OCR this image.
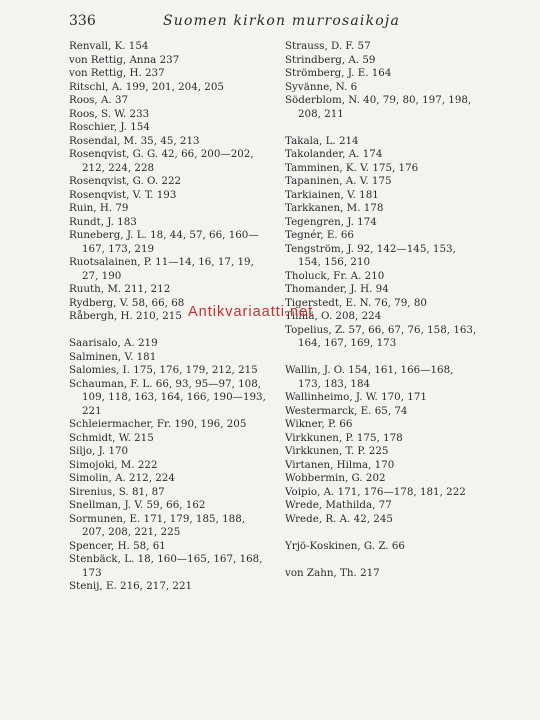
336	Suomen kirkon murrosaikoja
Renvall, K. 154
von Rettig, Anna 237
von Rettig, H. 237
Ritschl, A. 199, 201, 204, 205
Roos, A. 37
Roos, S. W. 233
Roschier, J. 154
Rosendal, M. 35, 45, 213
Rosenqvist, G. G. 42, 66, 200—202,
212, 224, 228
Rosenqvist, G. O. 222
Rosenqvist, V. T. 193
Ruin, H. 79
Rundt, J. 183
Runeberg, J. L. 18, 44, 57, 66, 160—
167, 173, 219
Ruotsalainen, P. 11—14, 16, 17, 19,
27, 190
Ruuth, M. 211, 212
Rydberg, V. 58, 66, 68
Råbergh, H. 210, 215
Saarisalo, A. 219
Salminen, V. 181
Salomies, I. 175, 176, 179, 212, 215
Schauman, F. L. 66, 93, 95—97, 108,
109, 118, 163, 164, 166, 190—193,
221
Schleiermacher, Fr. 190, 196, 205
Schmidt, W. 215
Siljo, J. 170
Simojoki, M. 222
Simolin, A. 212, 224
Sirenius, S. 81, 87
Snellman, J. V. 59, 66, 162
Sormunen, E. 171, 179, 185, 188,
207, 208, 221, 225
Spencer, H. 58, 61
Stenbäck, L. 18, 160—165, 167, 168,
173
Stenij, E. 216, 217, 221
Strauss, D. F. 57
Strindberg, A. 59
Strömberg, J. E. 164
Syvänne, N. 6
Söderblom, N. 40, 79, 80, 197, 198,
208, 211
Takala, L. 214
Takolander, A. 174
Tamminen, K. V. 175, 176
Tapaninen, A. V. 175
Tarkiainen, V. 181
Tarkkanen, M. 178
Tegengren, J. 174
Tegnér, E. 66
Tengström, J. 92, 142—145, 153,
154, 156, 210
Tholuck, Fr. A. 210
Thomander, J. H. 94
Tigerstedt, E. N. 76, 79, 80
Tiililä, O. 208, 224
Topelius, Z. 57, 66, 67, 76, 158, 163,
164, 167, 169, 173
Wallin, J. O. 154, 161, 166—168,
173, 183, 184
Wallinheimo, J. W. 170, 171
Westermarck, E. 65, 74
Wikner, P. 66
Virkkunen, P. 175, 178
Virkkunen, T. P. 225
Virtanen, Hilma, 170
Wobbermin, G. 202
Voipio, A. 171, 176—178, 181, 222
Wrede, Mathilda, 77
Wrede, R. A. 42, 245
Yrjö-Koskinen, G. Z. 66
von Zahn, Th. 217
Antikvariaatti.net
